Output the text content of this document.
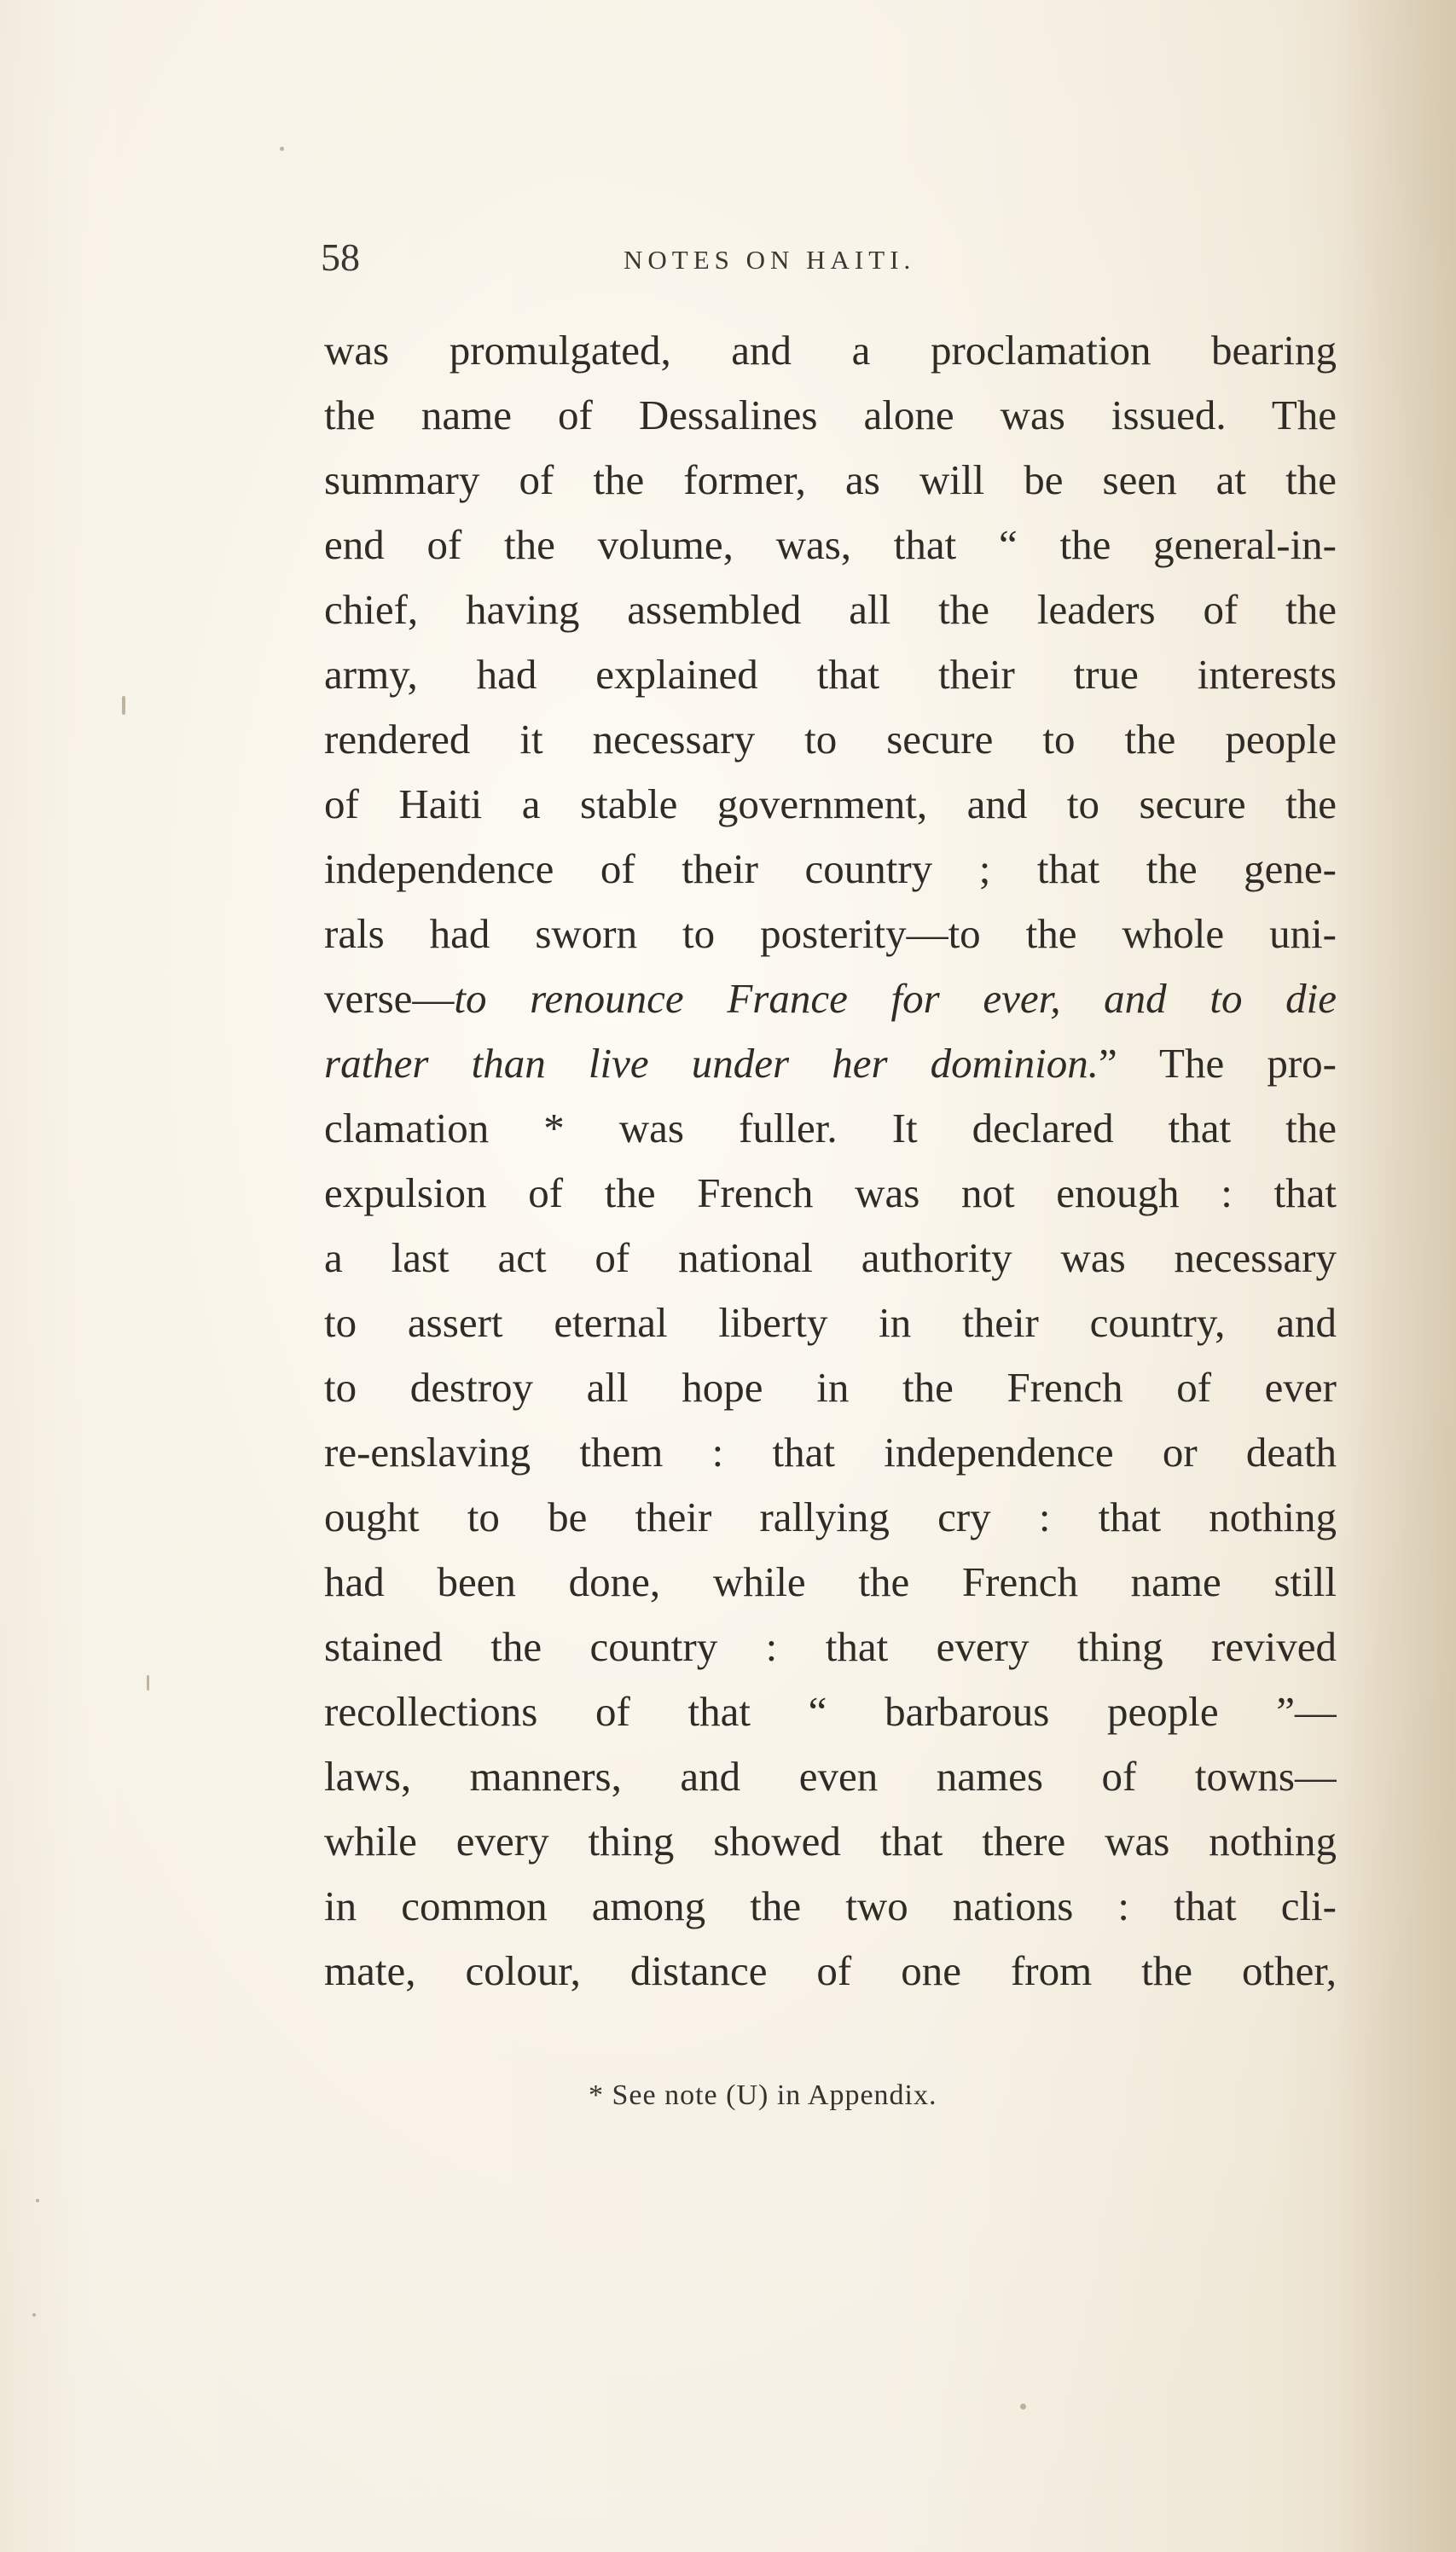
58	NOTES ON HAITI.
was promulgated, and a proclamation bearing
the name of Dessalines alone was issued. The
summary of the former, as will be seen at the
end of the volume, was, that “ the general-in-
chief, having assembled all the leaders of the
army, had explained that their true interests
rendered it necessary to secure to the people
of Haiti a stable government, and to secure the
independence of their country ; that the gene-
rals had sworn to posterity—to the whole uni-
verse—to renounce France for ever, and to die
rather than live under her dominion.” The pro-
clamation * was fuller. It declared that the
expulsion of the French was not enough : that
a last act of national authority was necessary
to assert eternal liberty in their country, and
to destroy all hope in the French of ever
re-enslaving them : that independence or death
ought to be their rallying cry : that nothing
had been done, while the French name still
stained the country : that every thing revived
recollections of that “ barbarous people ”—
laws, manners, and even names of towns—
while every thing showed that there was nothing
in common among the two nations : that cli-
mate, colour, distance of one from the other,
* See note (U) in Appendix.
